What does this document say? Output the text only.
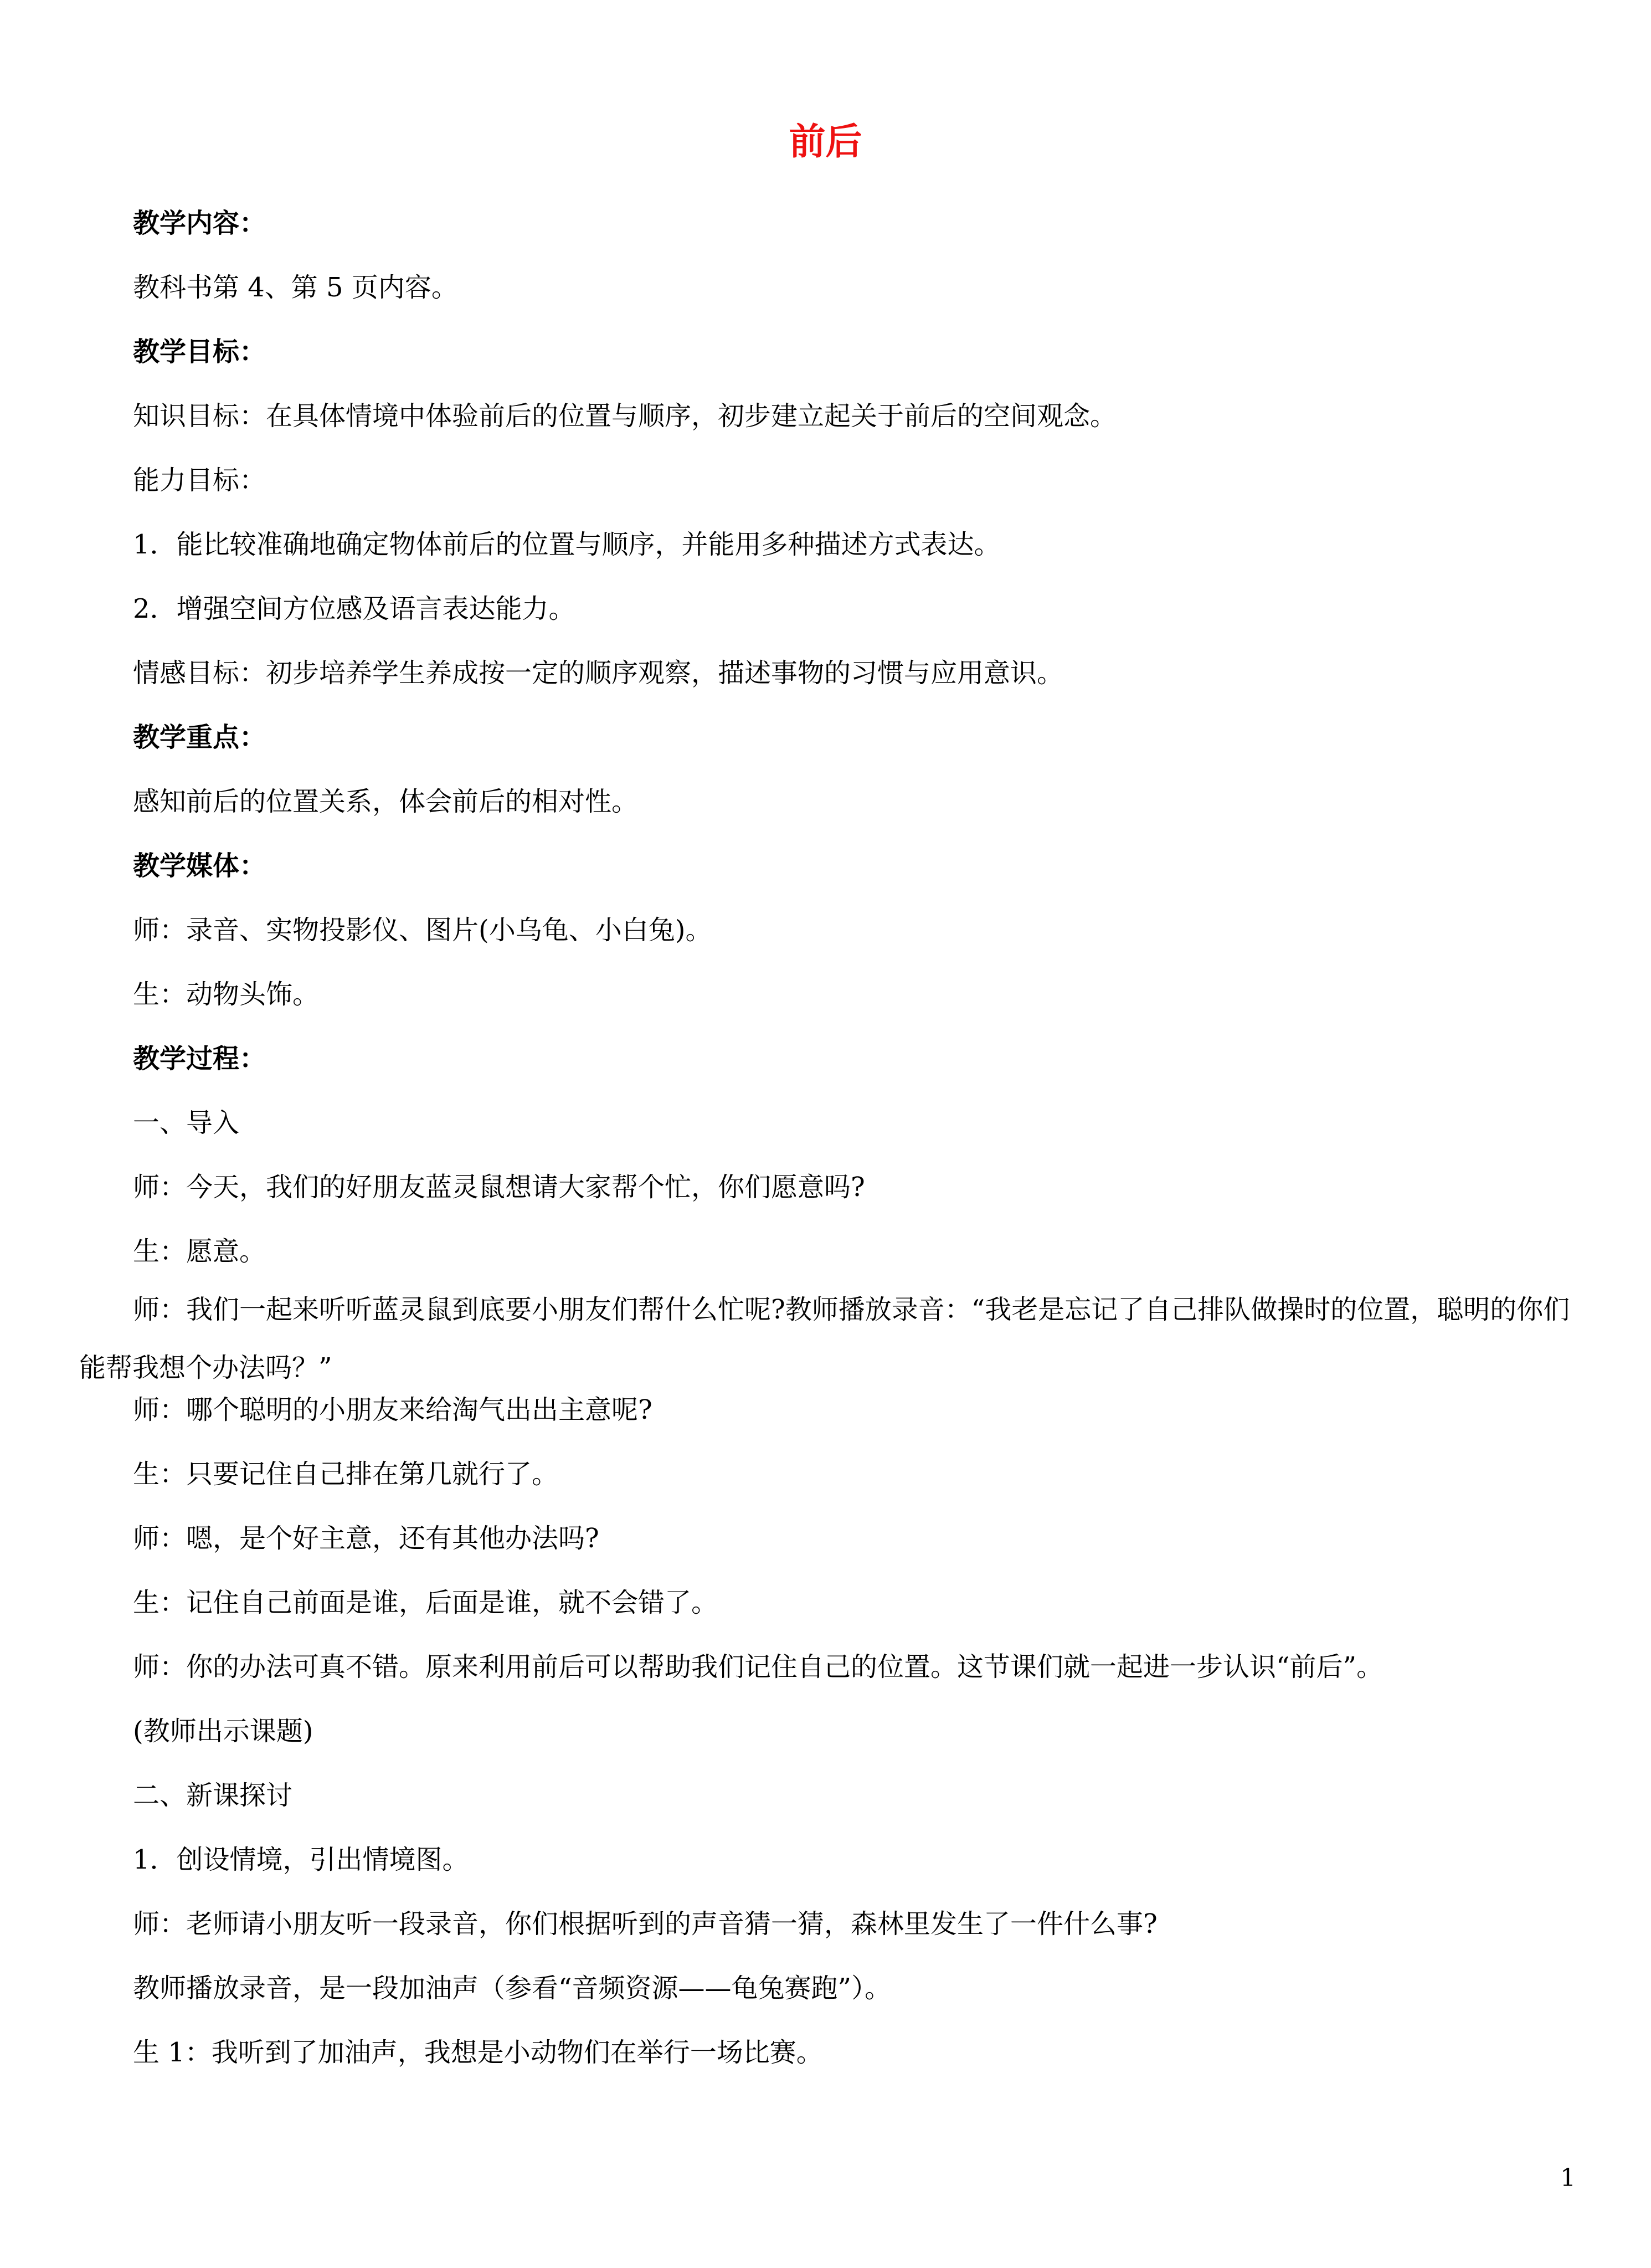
前后
教学内容：
教科书第 4、第 5 页内容。
教学目标：
知识目标：在具体情境中体验前后的位置与顺序，初步建立起关于前后的空间观念。
能力目标：
1．能比较准确地确定物体前后的位置与顺序，并能用多种描述方式表达。
2．增强空间方位感及语言表达能力。
情感目标：初步培养学生养成按一定的顺序观察，描述事物的习惯与应用意识。
教学重点：
感知前后的位置关系，体会前后的相对性。
教学媒体：
师：录音、实物投影仪、图片(小乌龟、小白兔)。
生：动物头饰。
教学过程：
一、导入
师：今天，我们的好朋友蓝灵鼠想请大家帮个忙，你们愿意吗?
生：愿意。
师：我们一起来听听蓝灵鼠到底要小朋友们帮什么忙呢?教师播放录音：“我老是忘记了自己排队做操时的位置，聪明的你们能帮我想个办法吗？”
师：哪个聪明的小朋友来给淘气出出主意呢?
生：只要记住自己排在第几就行了。
师：嗯，是个好主意，还有其他办法吗?
生：记住自己前面是谁，后面是谁，就不会错了。
师：你的办法可真不错。原来利用前后可以帮助我们记住自己的位置。这节课们就一起进一步认识“前后”。
(教师出示课题)
二、新课探讨
1．创设情境，引出情境图。
师：老师请小朋友听一段录音，你们根据听到的声音猜一猜，森林里发生了一件什么事?
教师播放录音，是一段加油声（参看“音频资源——龟兔赛跑”）。
生 1：我听到了加油声，我想是小动物们在举行一场比赛。
1
